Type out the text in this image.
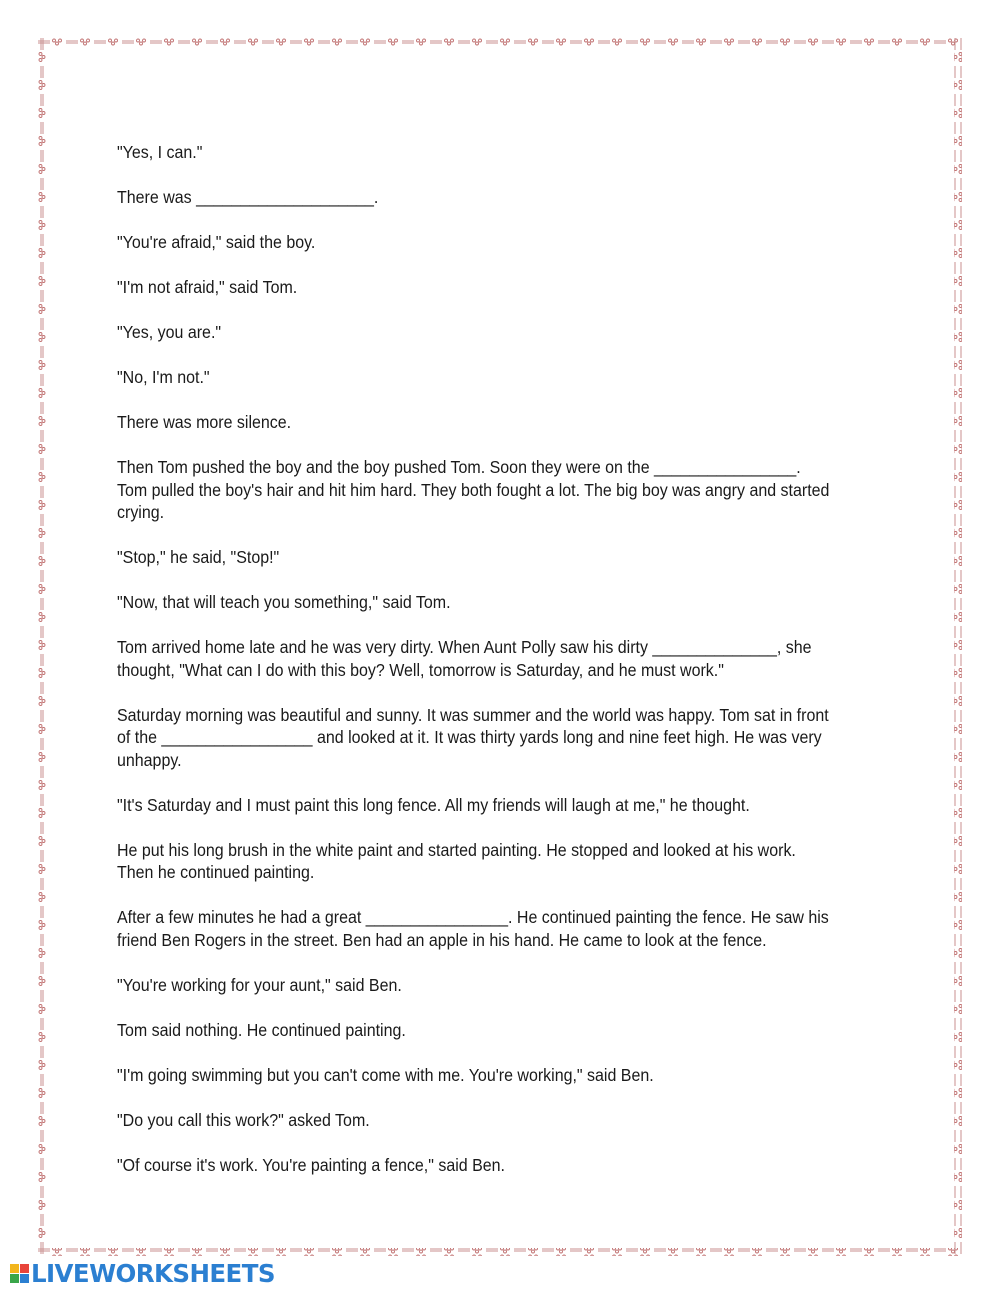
"Yes, I can."

There was ____________________.

"You're afraid," said the boy.

"I'm not afraid," said Tom.

"Yes, you are."

"No, I'm not."

There was more silence.

Then Tom pushed the boy and the boy pushed Tom. Soon they were on the ________________. Tom pulled the boy's hair and hit him hard. They both fought a lot. The big boy was angry and started crying.

"Stop," he said, "Stop!"

"Now, that will teach you something," said Tom.

Tom arrived home late and he was very dirty. When Aunt Polly saw his dirty ______________, she thought, "What can I do with this boy? Well, tomorrow is Saturday, and he must work."

Saturday morning was beautiful and sunny. It was summer and the world was happy. Tom sat in front of the _________________ and looked at it. It was thirty yards long and nine feet high. He was very unhappy.

"It's Saturday and I must paint this long fence. All my friends will laugh at me," he thought.

He put his long brush in the white paint and started painting. He stopped and looked at his work. Then he continued painting.

After a few minutes he had a great ________________. He continued painting the fence. He saw his friend Ben Rogers in the street. Ben had an apple in his hand. He came to look at the fence.

"You're working for your aunt," said Ben.

Tom said nothing. He continued painting.

"I'm going swimming but you can't come with me. You're working," said Ben.

"Do you call this work?" asked Tom.

"Of course it's work. You're painting a fence," said Ben.

LIVEWORKSHEETS
